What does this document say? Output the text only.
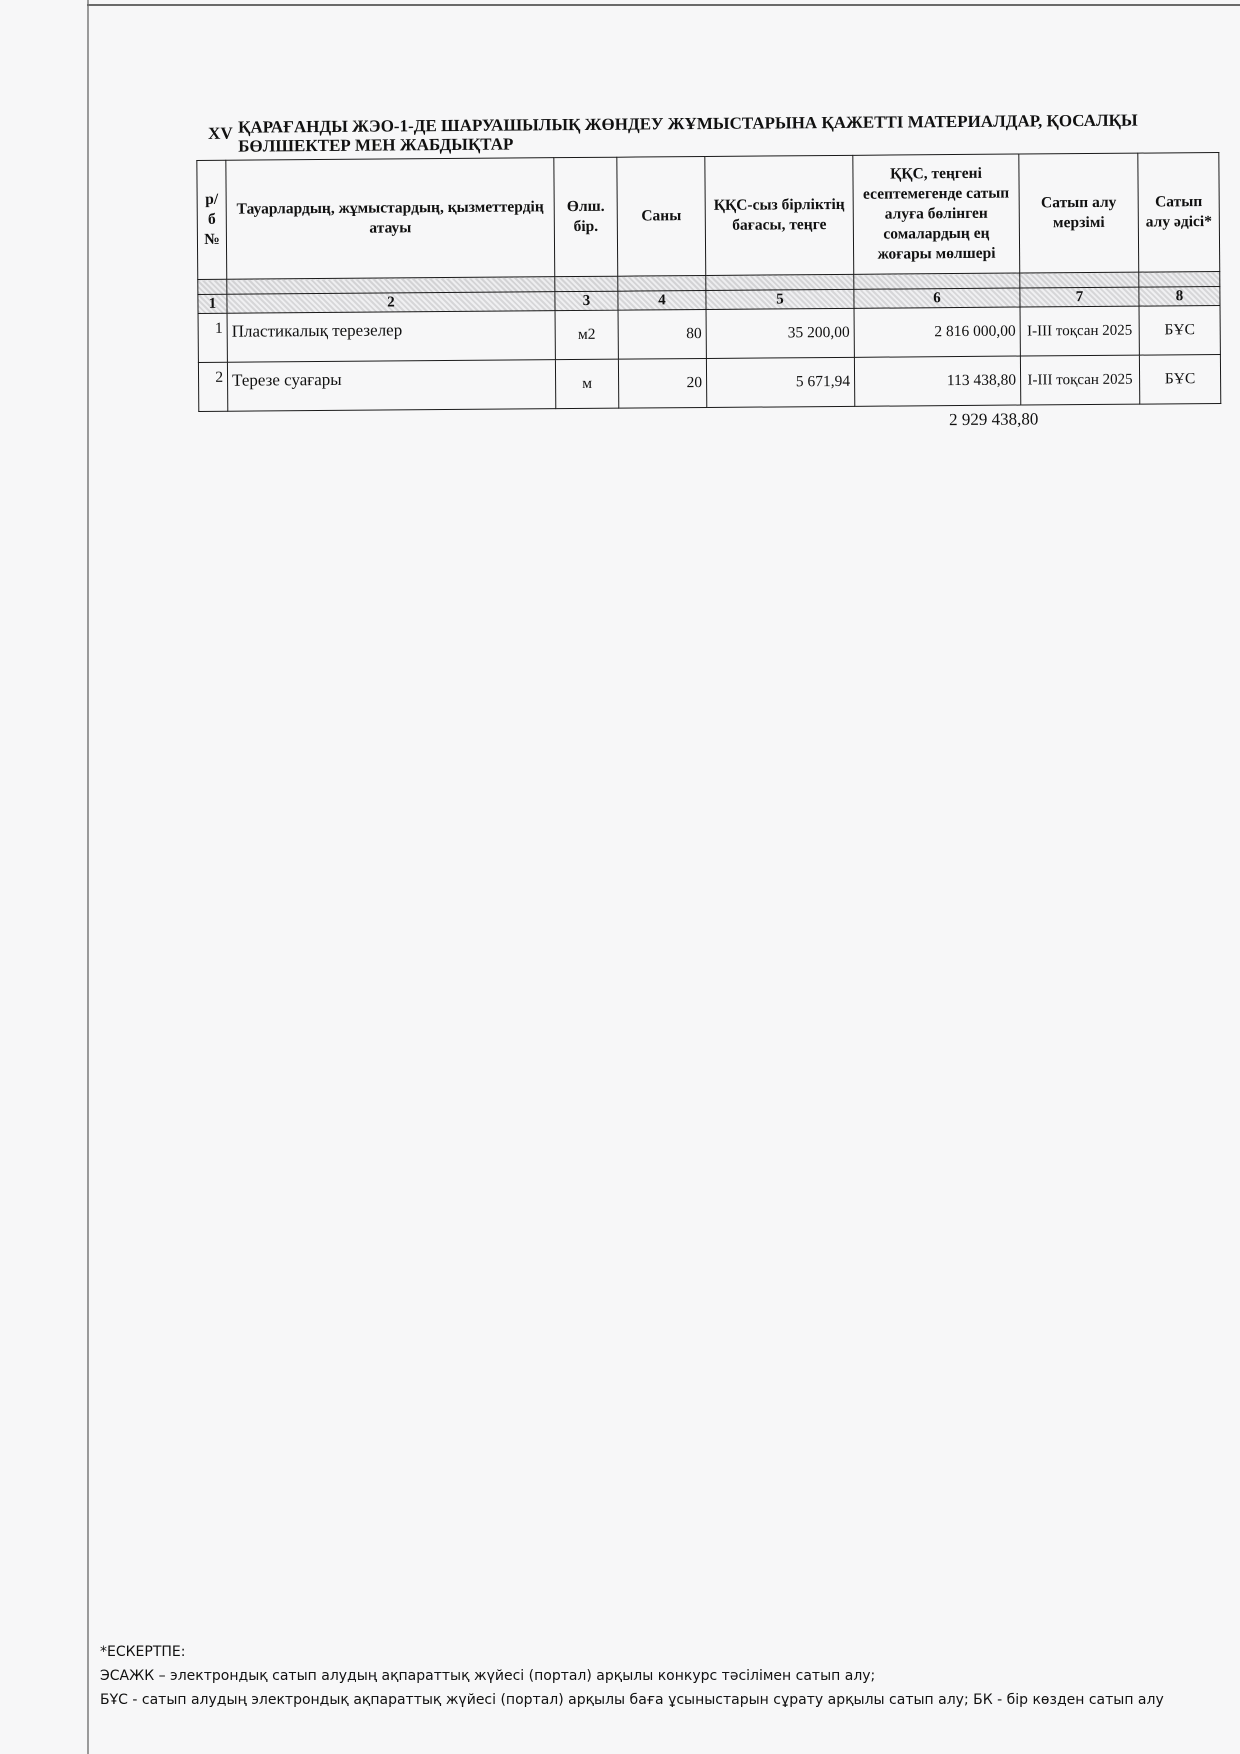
XV ҚАРАҒАНДЫ ЖЭО-1-ДЕ ШАРУАШЫЛЫҚ ЖӨНДЕУ ЖҰМЫСТАРЫНА ҚАЖЕТТІ МАТЕРИАЛДАР, ҚОСАЛҚЫ БӨЛШЕКТЕР МЕН ЖАБДЫҚТАР
р/б №	Тауарлардың, жұмыстардың, қызметтердің атауы	Өлш. бір.	Саны	ҚҚС-сыз бірліктің бағасы, теңге	ҚҚС, теңгені есептемегенде сатып алуға бөлінген сомалардың ең жоғары мөлшері	Сатып алу мерзімі	Сатып алу әдісі*

1	2	3	4	5	6	7	8
1	Пластикалық терезелер	м2	80	35 200,00	2 816 000,00	I-III тоқсан 2025	БҰС
2	Терезе суағары	м	20	5 671,94	113 438,80	I-III тоқсан 2025	БҰС
2 929 438,80
*ЕСКЕРТПЕ:
ЭСАЖК – электрондық сатып алудың ақпараттық жүйесі (портал) арқылы конкурс тәсілімен сатып алу;
БҰС - сатып алудың электрондық ақпараттық жүйесі (портал) арқылы баға ұсыныстарын сұрату арқылы сатып алу; БК - бір көзден сатып алу
